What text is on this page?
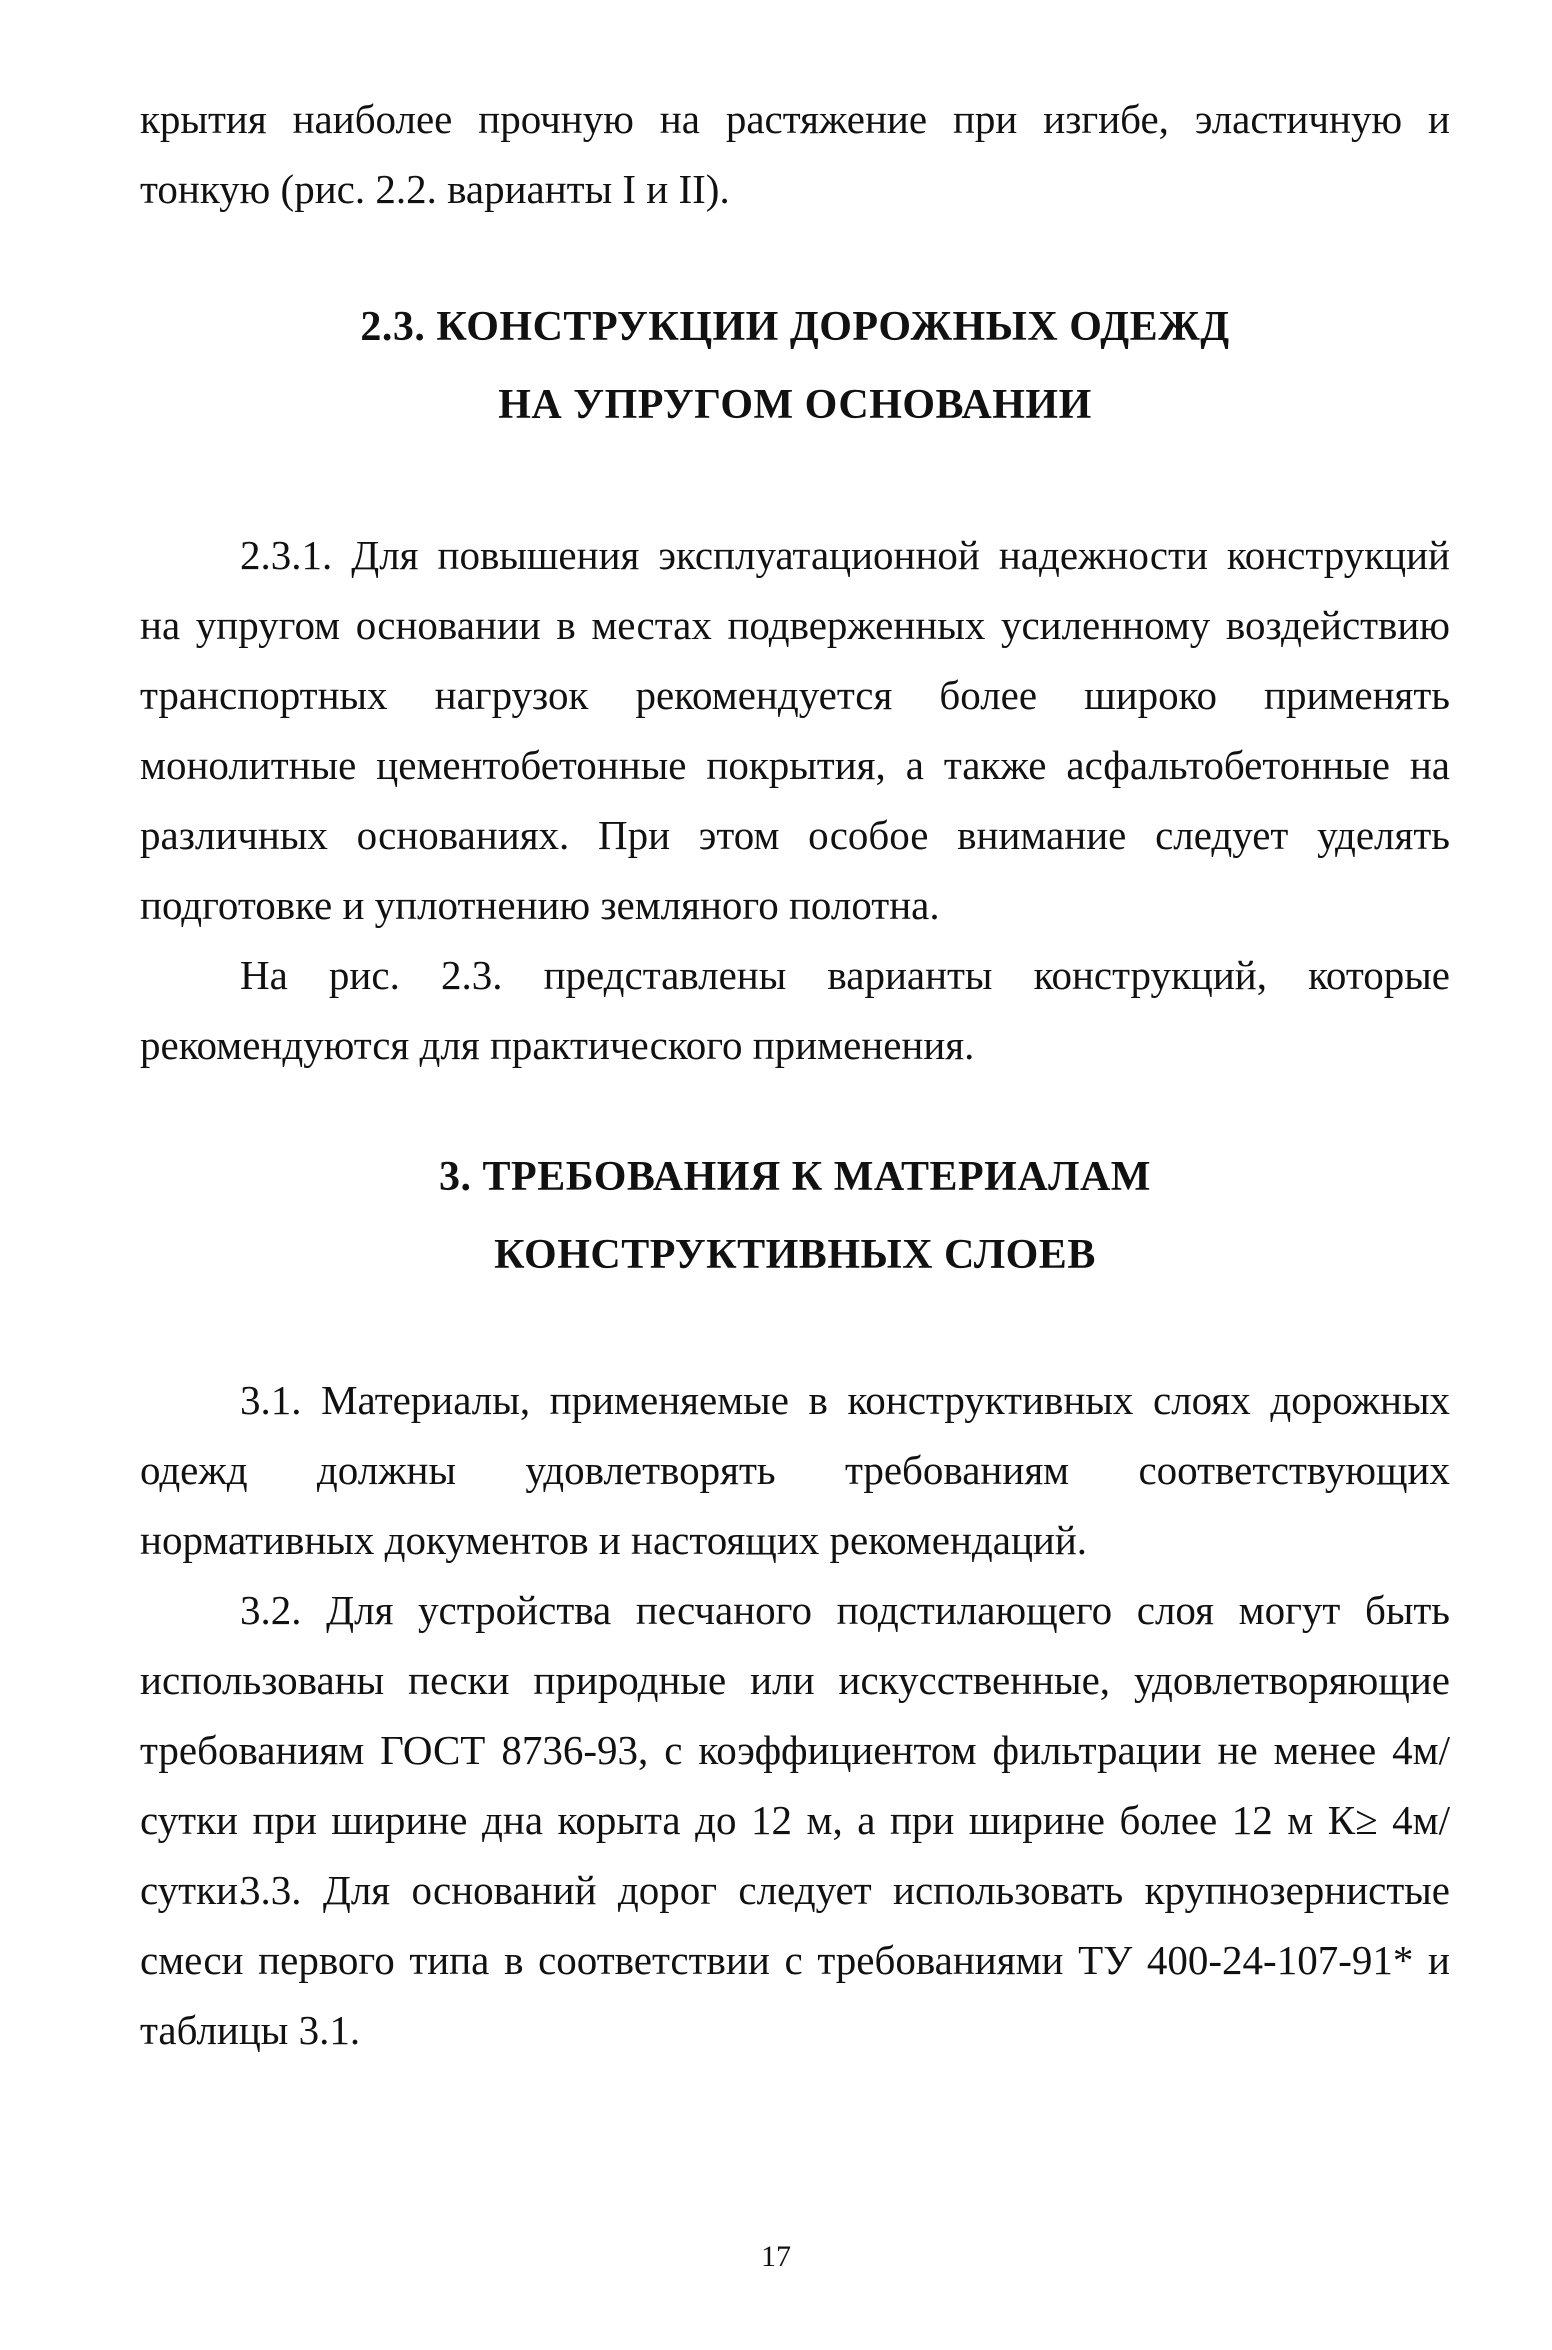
крытия наиболее прочную на растяжение при изгибе, эластичную и тонкую (рис. 2.2. варианты I и II).

2.3. КОНСТРУКЦИИ ДОРОЖНЫХ ОДЕЖД
НА УПРУГОМ ОСНОВАНИИ

2.3.1. Для повышения эксплуатационной надежности конструкций на упругом основании в местах подверженных усиленному воздействию транспортных нагрузок рекомендуется более широко применять монолитные цементобетонные покрытия, а также асфальтобетонные на различных основаниях. При этом особое внимание следует уделять подготовке и уплотнению земляного полотна.

На рис. 2.3. представлены варианты конструкций, которые рекомендуются для практического применения.

3. ТРЕБОВАНИЯ К МАТЕРИАЛАМ
КОНСТРУКТИВНЫХ СЛОЕВ

3.1. Материалы, применяемые в конструктивных слоях дорожных одежд должны удовлетворять требованиям соответствующих нормативных документов и настоящих рекомендаций.

3.2. Для устройства песчаного подстилающего слоя могут быть использованы пески природные или искусственные, удовлетворяющие требованиям ГОСТ 8736-93, с коэффициентом фильтрации не менее 4м/сутки при ширине дна корыта до 12 м, а при ширине более 12 м К≥ 4м/сутки.

3.3. Для оснований дорог следует использовать крупнозернистые смеси первого типа в соответствии с требованиями ТУ 400-24-107-91* и таблицы 3.1.

17
